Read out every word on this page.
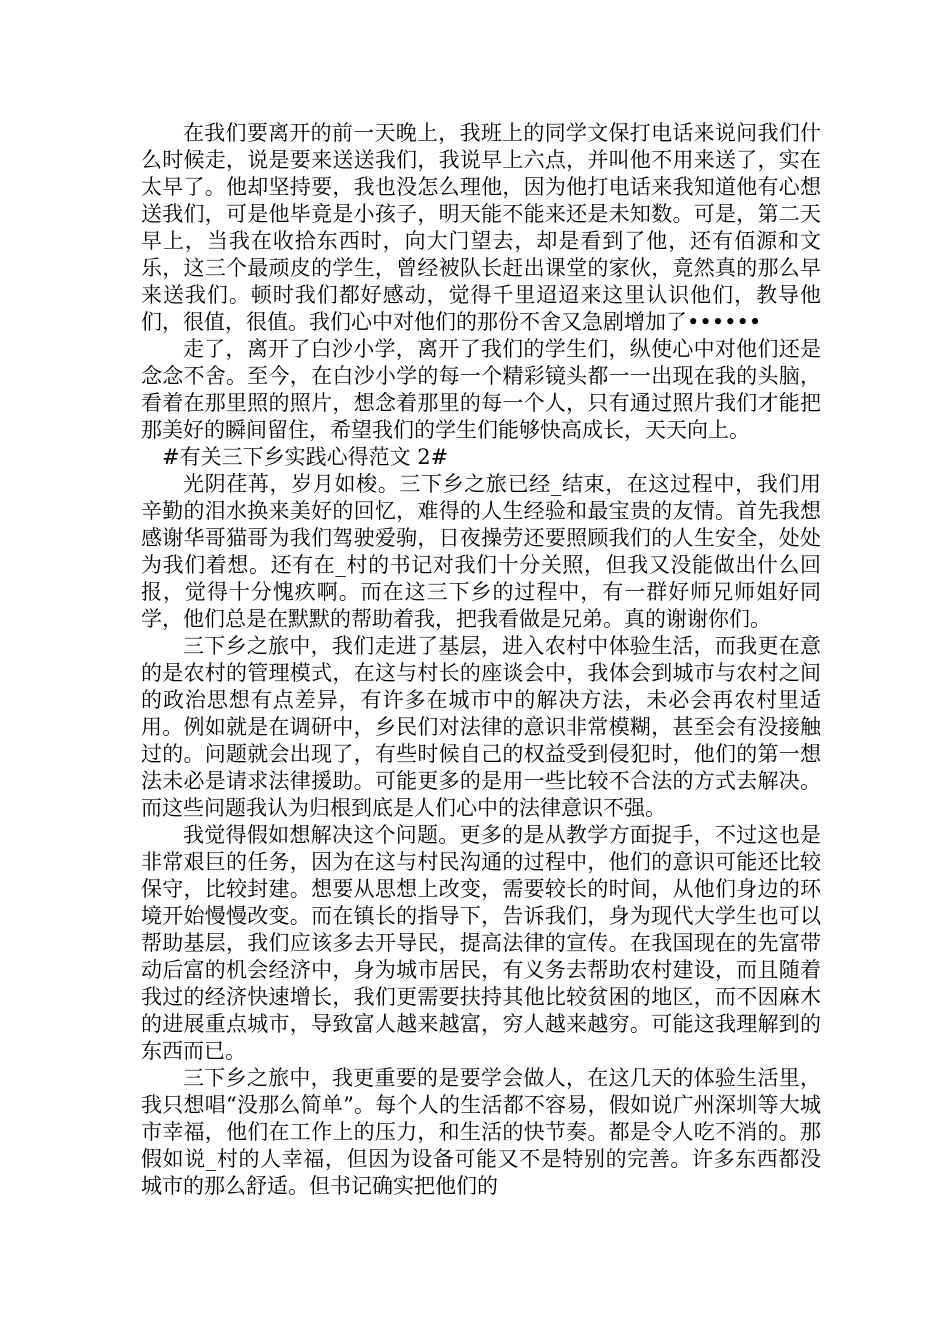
在我们要离开的前一天晚上，我班上的同学文保打电话来说问我们什么时候走，说是要来送送我们，我说早上六点，并叫他不用来送了，实在太早了。他却坚持要，我也没怎么理他，因为他打电话来我知道他有心想送我们，可是他毕竟是小孩子，明天能不能来还是未知数。可是，第二天早上，当我在收拾东西时，向大门望去，却是看到了他，还有佰源和文乐，这三个最顽皮的学生，曾经被队长赶出课堂的家伙，竟然真的那么早来送我们。顿时我们都好感动，觉得千里迢迢来这里认识他们，教导他们，很值，很值。我们心中对他们的那份不舍又急剧增加了••••••

走了，离开了白沙小学，离开了我们的学生们，纵使心中对他们还是念念不舍。至今，在白沙小学的每一个精彩镜头都一一出现在我的头脑，看着在那里照的照片，想念着那里的每一个人，只有通过照片我们才能把那美好的瞬间留住，希望我们的学生们能够快高成长，天天向上。

#有关三下乡实践心得范文 2#

光阴荏苒，岁月如梭。三下乡之旅已经_结束，在这过程中，我们用辛勤的泪水换来美好的回忆，难得的人生经验和最宝贵的友情。首先我想感谢华哥猫哥为我们驾驶爱驹，日夜操劳还要照顾我们的人生安全，处处为我们着想。还有在_村的书记对我们十分关照，但我又没能做出什么回报，觉得十分愧疚啊。而在这三下乡的过程中，有一群好师兄师姐好同学，他们总是在默默的帮助着我，把我看做是兄弟。真的谢谢你们。

三下乡之旅中，我们走进了基层，进入农村中体验生活，而我更在意的是农村的管理模式，在这与村长的座谈会中，我体会到城市与农村之间的政治思想有点差异，有许多在城市中的解决方法，未必会再农村里适用。例如就是在调研中，乡民们对法律的意识非常模糊，甚至会有没接触过的。问题就会出现了，有些时候自己的权益受到侵犯时，他们的第一想法未必是请求法律援助。可能更多的是用一些比较不合法的方式去解决。而这些问题我认为归根到底是人们心中的法律意识不强。

我觉得假如想解决这个问题。更多的是从教学方面捉手，不过这也是非常艰巨的任务，因为在这与村民沟通的过程中，他们的意识可能还比较保守，比较封建。想要从思想上改变，需要较长的时间，从他们身边的环境开始慢慢改变。而在镇长的指导下，告诉我们，身为现代大学生也可以帮助基层，我们应该多去开导民，提高法律的宣传。在我国现在的先富带动后富的机会经济中，身为城市居民，有义务去帮助农村建设，而且随着我过的经济快速增长，我们更需要扶持其他比较贫困的地区，而不因麻木的进展重点城市，导致富人越来越富，穷人越来越穷。可能这我理解到的东西而已。

三下乡之旅中，我更重要的是要学会做人，在这几天的体验生活里，我只想唱“没那么简单”。每个人的生活都不容易，假如说广州深圳等大城市幸福，他们在工作上的压力，和生活的快节奏。都是令人吃不消的。那假如说_村的人幸福，但因为设备可能又不是特别的完善。许多东西都没城市的那么舒适。但书记确实把他们的
